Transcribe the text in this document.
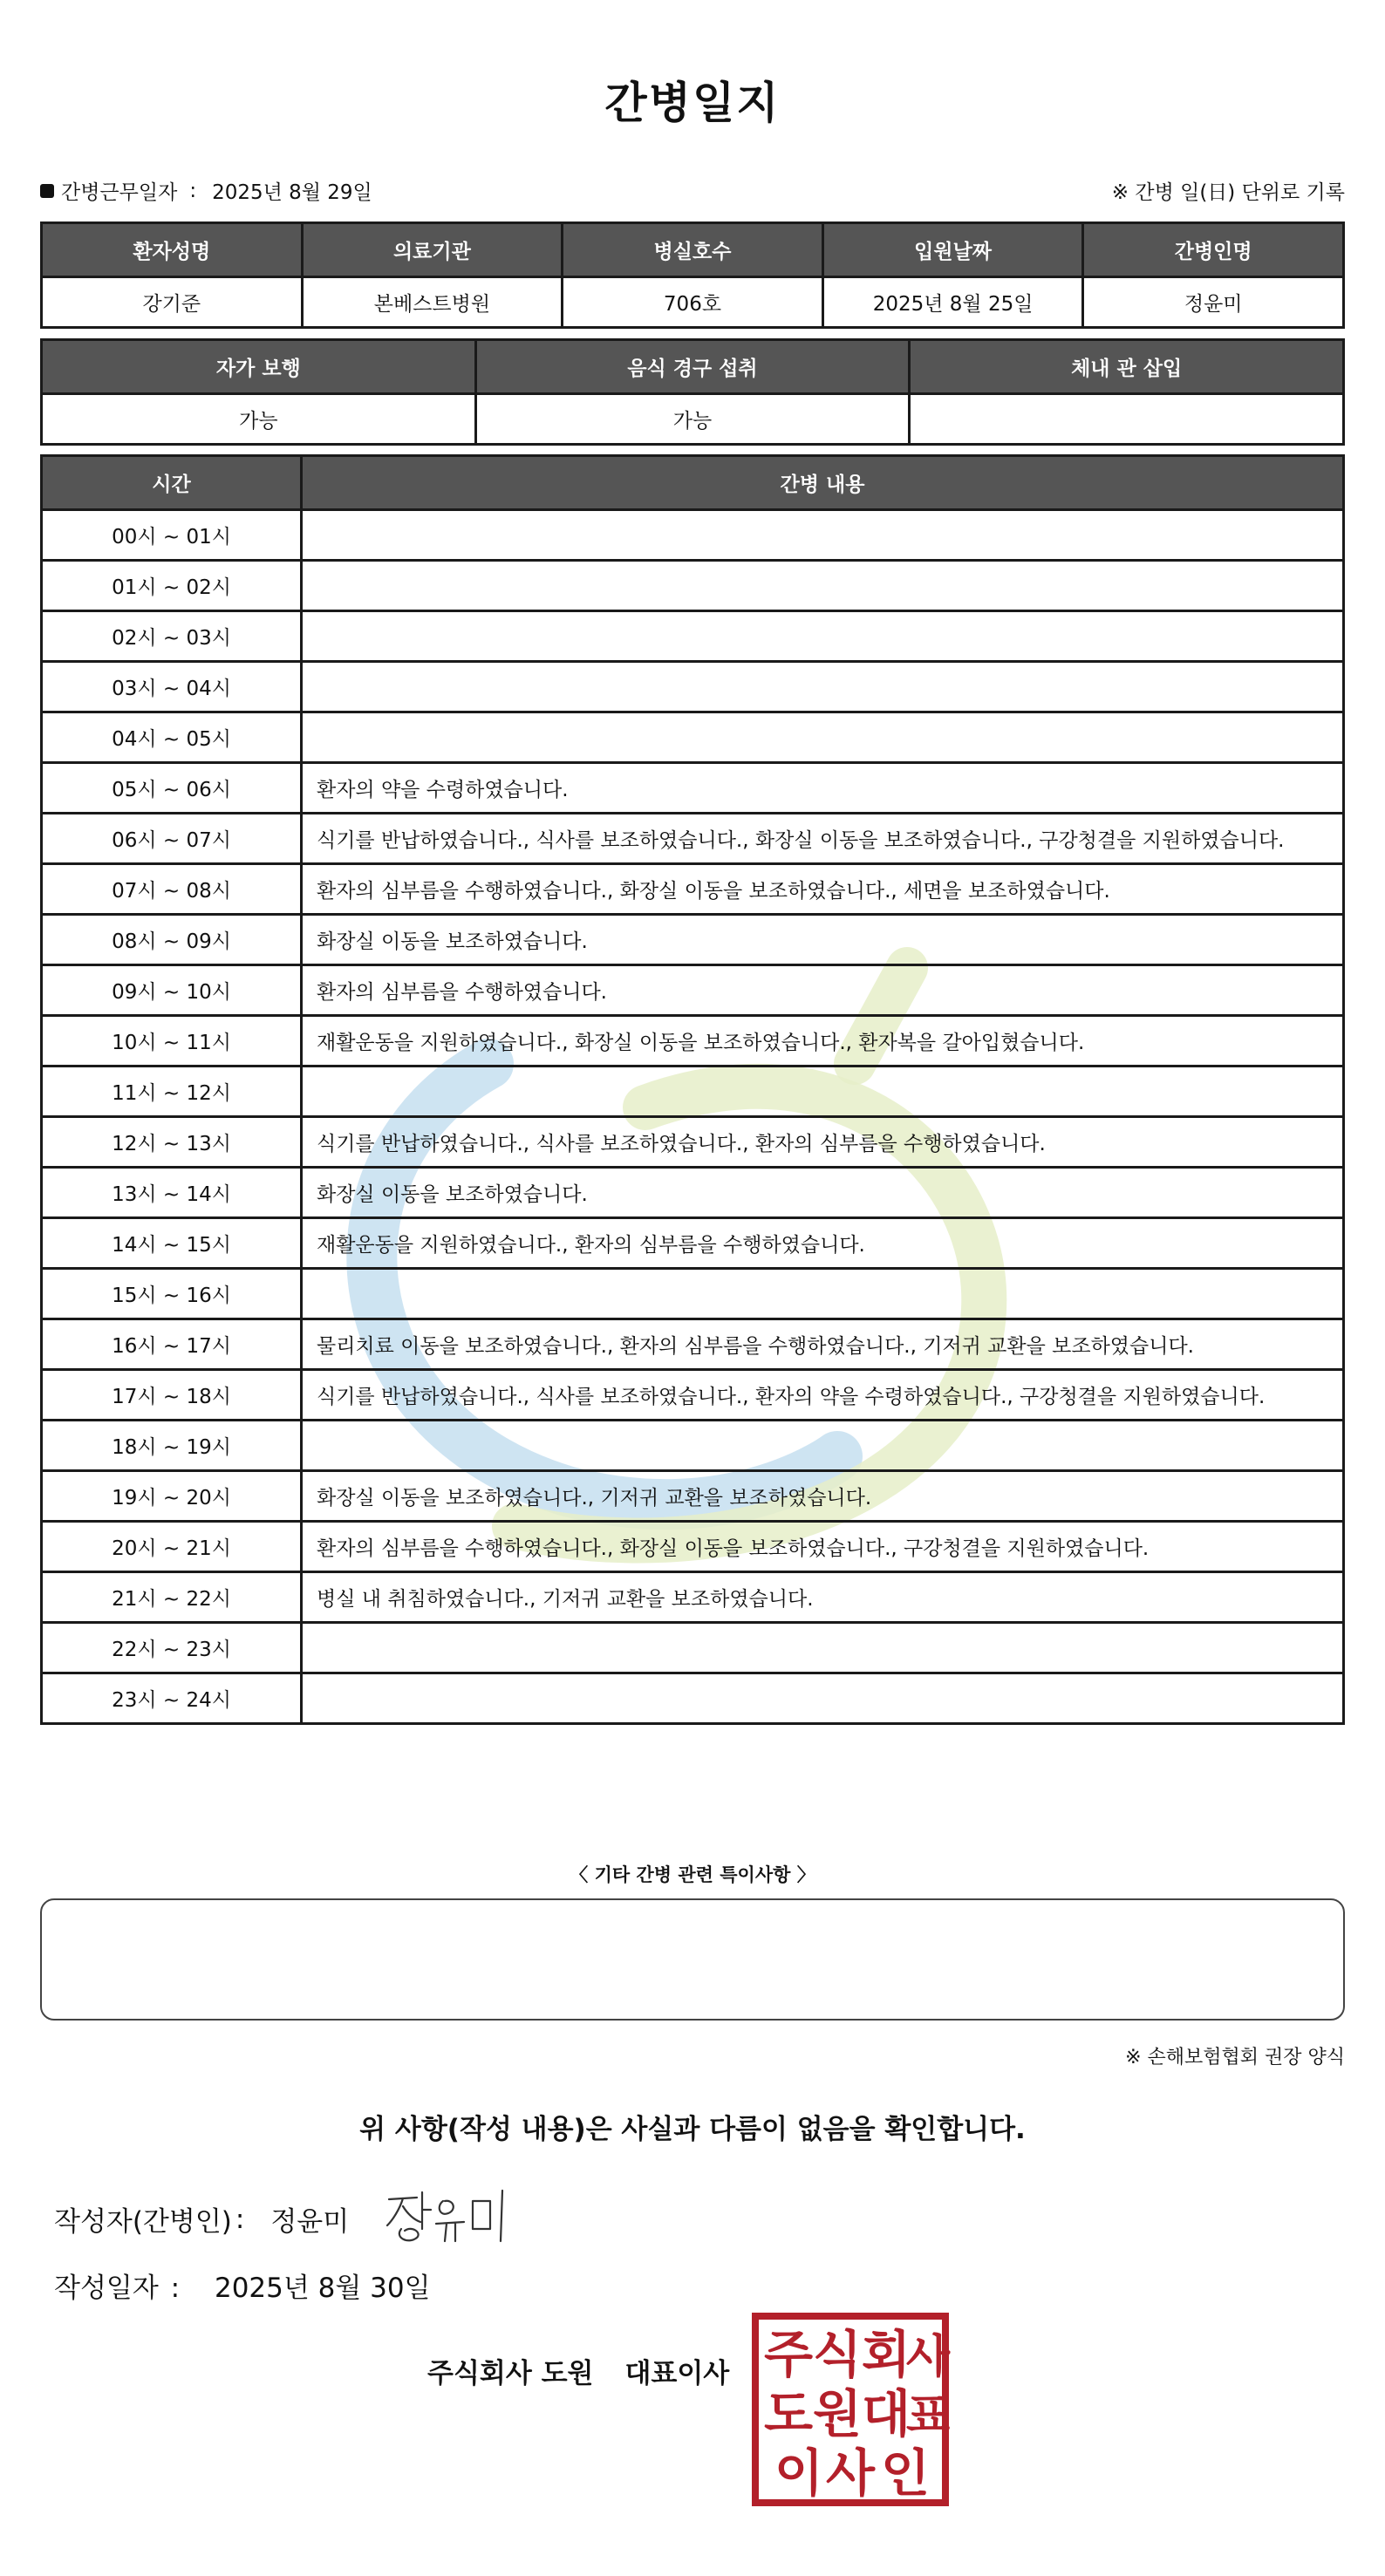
간병일지
간병근무일자 : 2025년 8월 29일	※ 간병 일(日) 단위로 기록
환자성명	의료기관	병실호수	입원날짜	간병인명
강기준	본베스트병원	706호	2025년 8월 25일	정윤미
자가 보행	음식 경구 섭취	체내 관 삽입
가능	가능	
시간	간병 내용
00시 ~ 01시	
01시 ~ 02시	
02시 ~ 03시	
03시 ~ 04시	
04시 ~ 05시	
05시 ~ 06시	환자의 약을 수령하였습니다.
06시 ~ 07시	식기를 반납하였습니다., 식사를 보조하였습니다., 화장실 이동을 보조하였습니다., 구강청결을 지원하였습니다.
07시 ~ 08시	환자의 심부름을 수행하였습니다., 화장실 이동을 보조하였습니다., 세면을 보조하였습니다.
08시 ~ 09시	화장실 이동을 보조하였습니다.
09시 ~ 10시	환자의 심부름을 수행하였습니다.
10시 ~ 11시	재활운동을 지원하였습니다., 화장실 이동을 보조하였습니다., 환자복을 갈아입혔습니다.
11시 ~ 12시	
12시 ~ 13시	식기를 반납하였습니다., 식사를 보조하였습니다., 환자의 심부름을 수행하였습니다.
13시 ~ 14시	화장실 이동을 보조하였습니다.
14시 ~ 15시	재활운동을 지원하였습니다., 환자의 심부름을 수행하였습니다.
15시 ~ 16시	
16시 ~ 17시	물리치료 이동을 보조하였습니다., 환자의 심부름을 수행하였습니다., 기저귀 교환을 보조하였습니다.
17시 ~ 18시	식기를 반납하였습니다., 식사를 보조하였습니다., 환자의 약을 수령하였습니다., 구강청결을 지원하였습니다.
18시 ~ 19시	
19시 ~ 20시	화장실 이동을 보조하였습니다., 기저귀 교환을 보조하였습니다.
20시 ~ 21시	환자의 심부름을 수행하였습니다., 화장실 이동을 보조하였습니다., 구강청결을 지원하였습니다.
21시 ~ 22시	병실 내 취침하였습니다., 기저귀 교환을 보조하였습니다.
22시 ~ 23시	
23시 ~ 24시	
〈 기타 간병 관련 특이사항 〉
※ 손해보험협회 권장 양식
위 사항(작성 내용)은 사실과 다름이 없음을 확인합니다.
작성자(간병인) : 정윤미
작성일자 : 2025년 8월 30일
주식회사 도원 대표이사 주 식 회
사
도 원 대
표
이 사 인
